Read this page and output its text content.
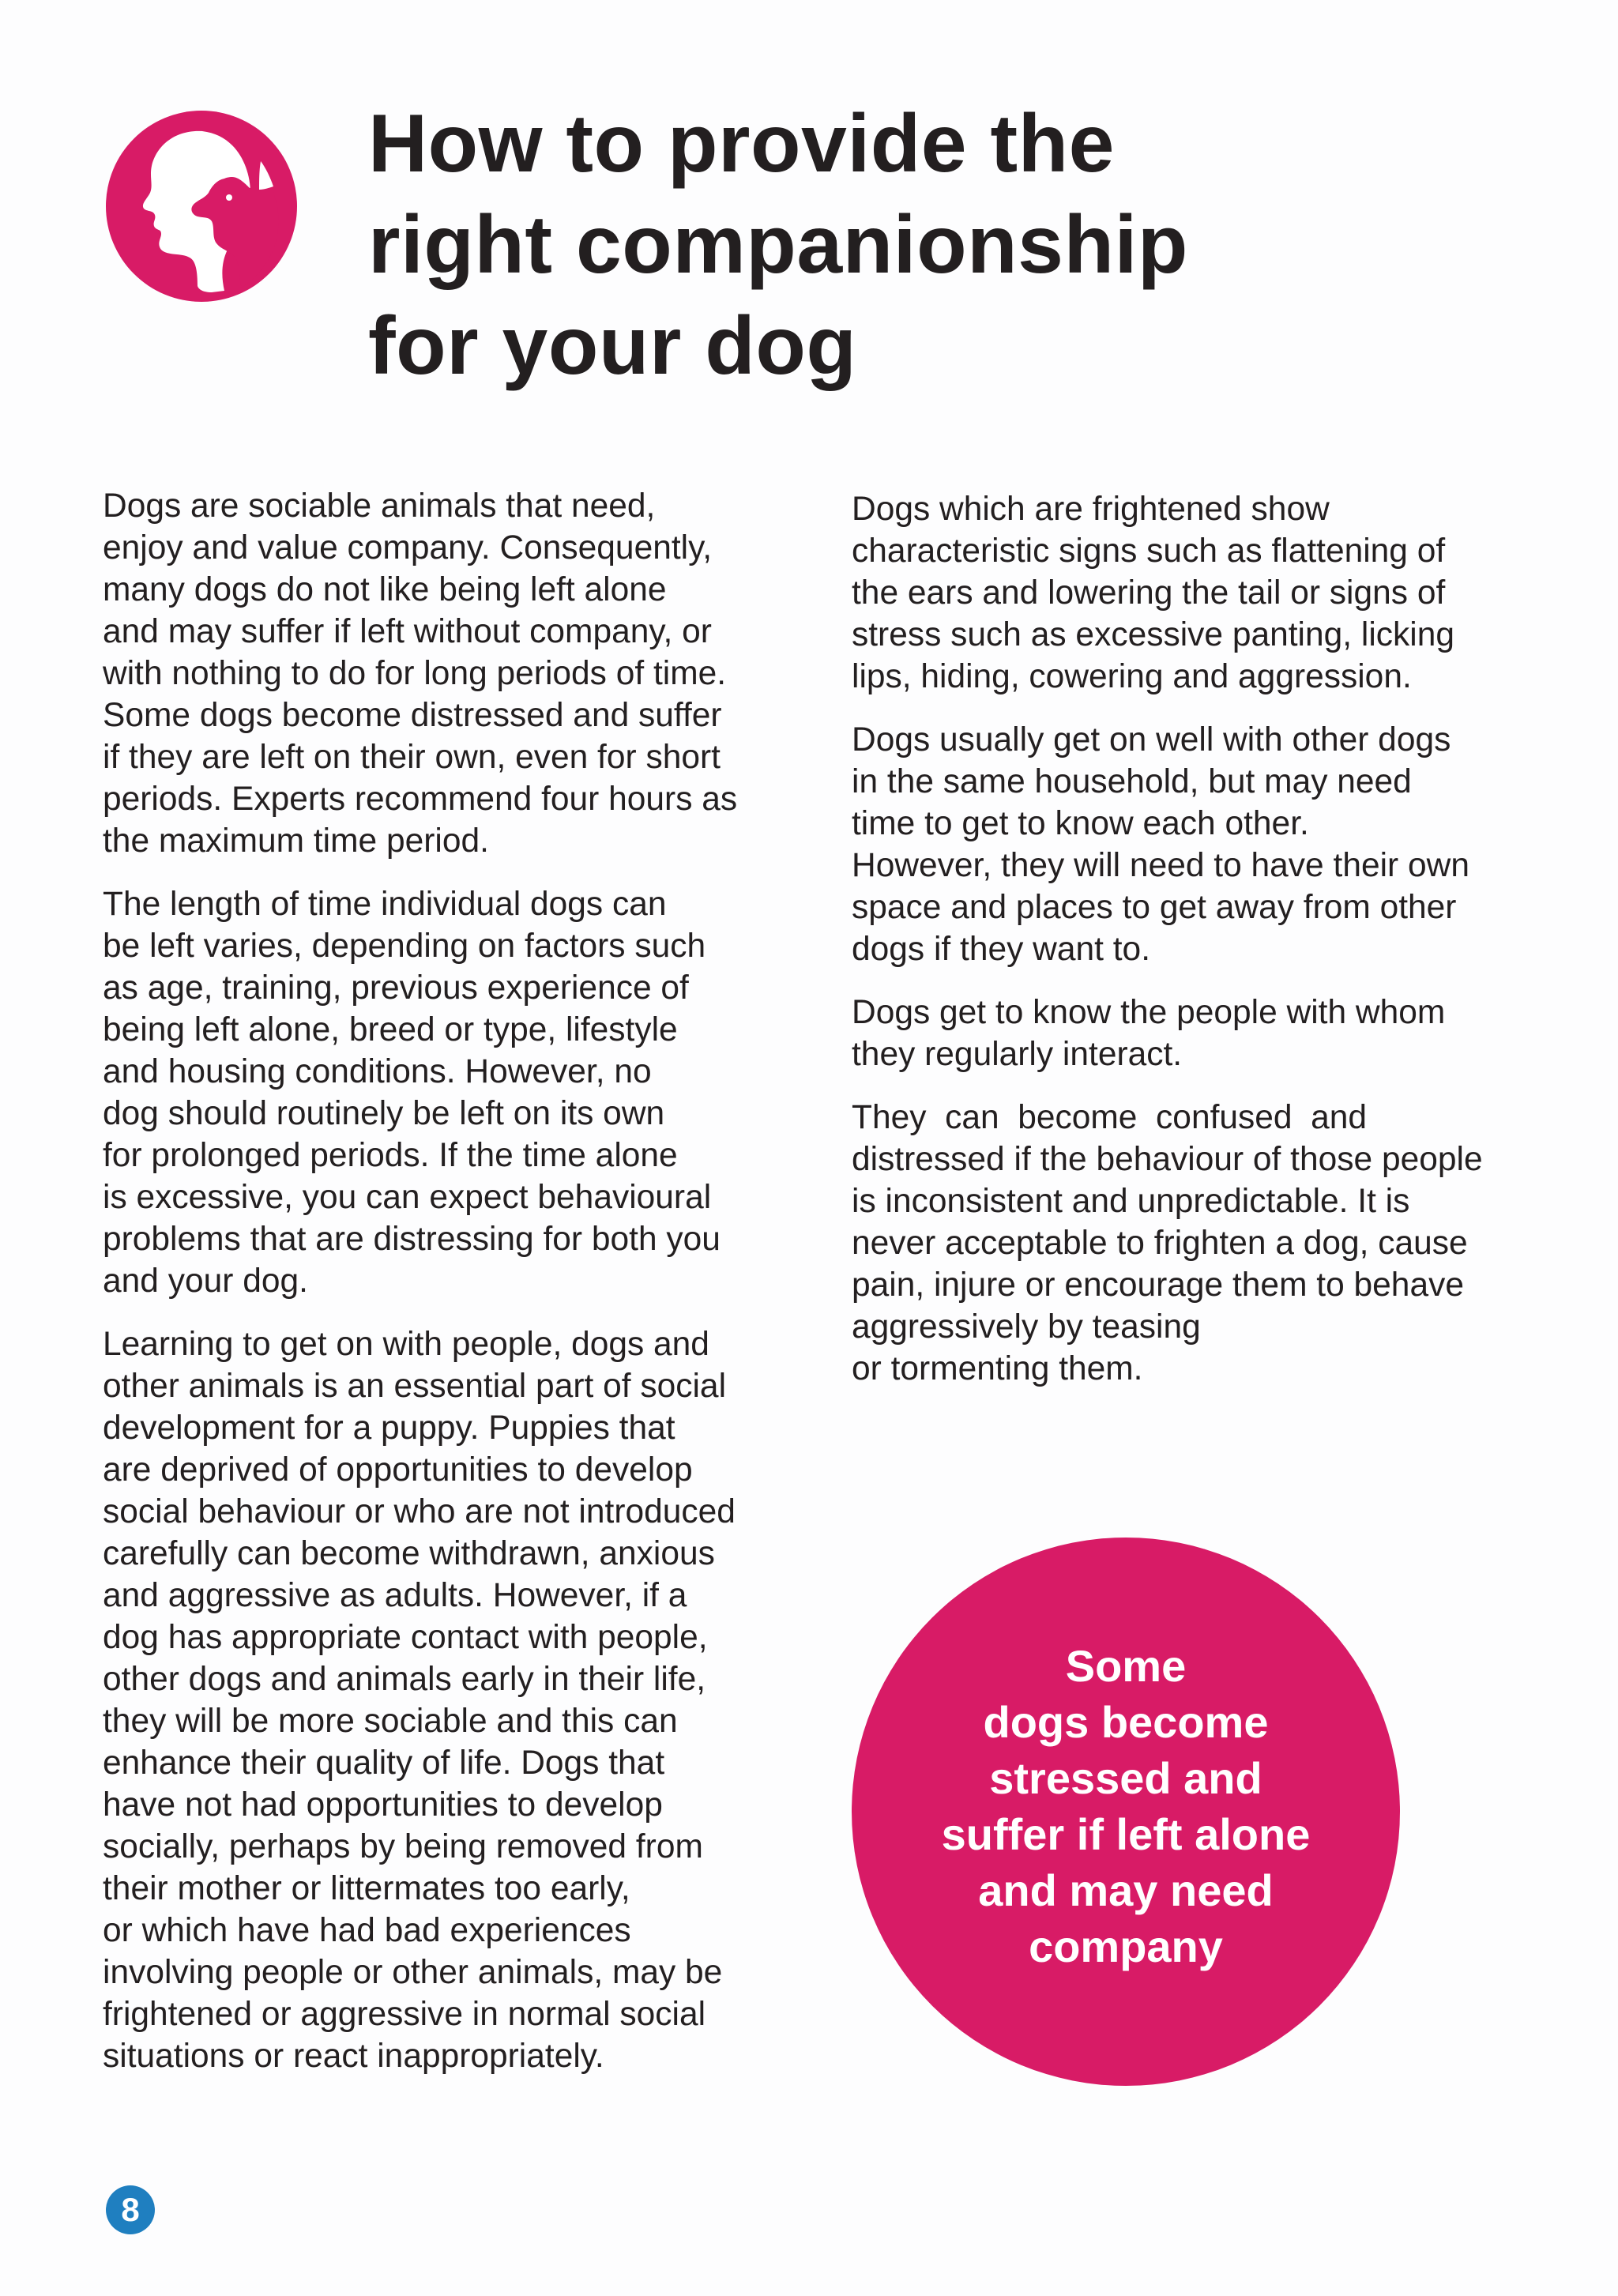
How to provide the
right companionship
for your dog

Dogs are sociable animals that need,
enjoy and value company. Consequently,
many dogs do not like being left alone
and may suffer if left without company, or
with nothing to do for long periods of time.
Some dogs become distressed and suffer
if they are left on their own, even for short
periods. Experts recommend four hours as
the maximum time period.

The length of time individual dogs can
be left varies, depending on factors such
as age, training, previous experience of
being left alone, breed or type, lifestyle
and housing conditions. However, no
dog should routinely be left on its own
for prolonged periods. If the time alone
is excessive, you can expect behavioural
problems that are distressing for both you
and your dog.

Learning to get on with people, dogs and
other animals is an essential part of social
development for a puppy. Puppies that
are deprived of opportunities to develop
social behaviour or who are not introduced
carefully can become withdrawn, anxious
and aggressive as adults. However, if a
dog has appropriate contact with people,
other dogs and animals early in their life,
they will be more sociable and this can
enhance their quality of life. Dogs that
have not had opportunities to develop
socially, perhaps by being removed from
their mother or littermates too early,
or which have had bad experiences
involving people or other animals, may be
frightened or aggressive in normal social
situations or react inappropriately.

Dogs which are frightened show
characteristic signs such as flattening of
the ears and lowering the tail or signs of
stress such as excessive panting, licking
lips, hiding, cowering and aggression.

Dogs usually get on well with other dogs
in the same household, but may need
time to get to know each other.
However, they will need to have their own
space and places to get away from other
dogs if they want to.

Dogs get to know the people with whom
they regularly interact.

They  can  become  confused  and
distressed if the behaviour of those people
is inconsistent and unpredictable. It is
never acceptable to frighten a dog, cause
pain, injure or encourage them to behave
aggressively by teasing
or tormenting them.

Some
dogs become
stressed and
suffer if left alone
and may need
company

8
